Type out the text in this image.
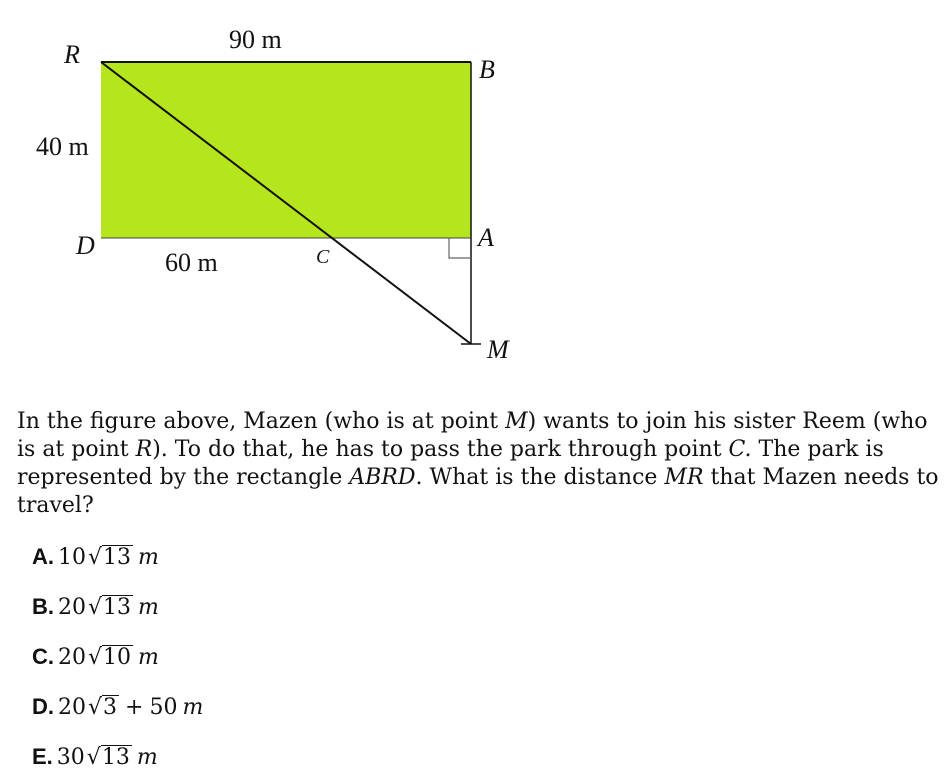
90 m
R
B
40 m
D	A
60 m	C
M

In the figure above, Mazen (who is at point M) wants to join his sister Reem (who is at point R). To do that, he has to pass the park through point C. The park is represented by the rectangle ABRD. What is the distance MR that Mazen needs to travel?

A. 10 √ 13 m
B. 20 √ 13 m
C. 20 √ 10 m
D. 20 √ 3 + 50 m
E. 30 √ 13 m
